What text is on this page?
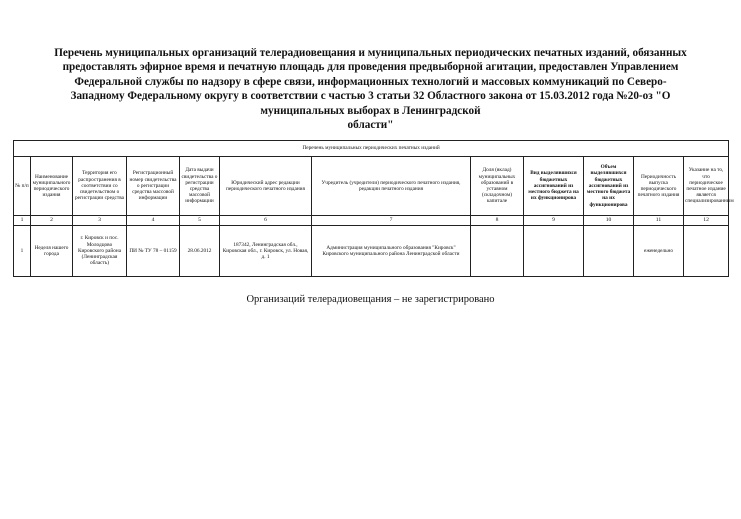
Перечень муниципальных организаций телерадиовещания и муниципальных периодических печатных изданий, обязанных
предоставлять эфирное время и печатную площадь для проведения предвыборной агитации, предоставлен Управлением
Федеральной службы по надзору в сфере связи, информационных технологий и массовых коммуникаций по Северо-
Западному Федеральному округу в соответствии с частью 3 статьи 32 Областного закона от 15.03.2012 года №20-оз "О
муниципальных выборах в Ленинградской
области"
Перечень муниципальных периодических печатных изданий											

№ п/п	Наименование муниципального периодического издания	Территория его распространения в соответствии со свидетельством о регистрации средства	Регистрационный номер свидетельства о регистрации средства массовой информации	Дата выдачи свидетельства о регистрации средства массовой информации	Юридический адрес редакции периодического печатного издания	Учредитель (учредители) периодического печатного издания, редакции печатного издания	Доля (вклад) муниципальных образований в уставном (складочном) капитале	Вид выделявшихся бюджетных ассигнований из местного бюджета на их функционирова	Объем выделявшихся бюджетных ассигнований из местного бюджета на их функционирова	Периодичность выпуска периодического печатного издания	Указание на то, что периодическое печатное издание является специализированным

1	2	3	4	5	6	7	8	9	10	11	12
1	Неделя нашего города	г. Кировск и пос. Молодцово Кировского района (Ленинградская область)	ПИ № ТУ 78 – 01159	28.06.2012	187342, Ленинградская обл., Кировская обл., г. Кировск, ул. Новая, д. 1	Администрация муниципального образования "Кировск" Кировского муниципального района Ленинградской области				еженедельно	
Организаций телерадиовещания – не зарегистрировано
